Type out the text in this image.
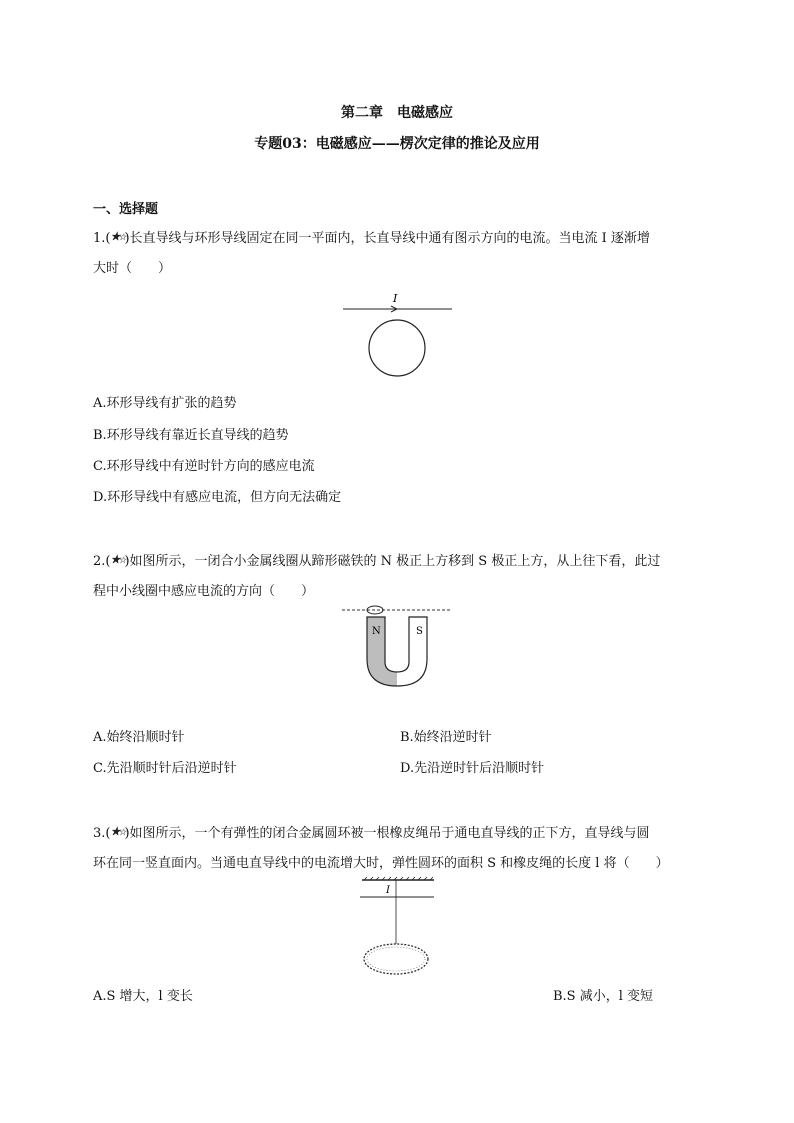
第二章　电磁感应
专题03：电磁感应——楞次定律的推论及应用
一、选择题
1.(★☆)长直导线与环形导线固定在同一平面内，长直导线中通有图示方向的电流。当电流 I 逐渐增
大时（　　）
I
A.环形导线有扩张的趋势
B.环形导线有靠近长直导线的趋势
C.环形导线中有逆时针方向的感应电流
D.环形导线中有感应电流，但方向无法确定
2.(★☆)如图所示，一闭合小金属线圈从蹄形磁铁的 N 极正上方移到 S 极正上方，从上往下看，此过
程中小线圈中感应电流的方向（　　）
N	S
A.始终沿顺时针	B.始终沿逆时针
C.先沿顺时针后沿逆时针	D.先沿逆时针后沿顺时针
3.(★☆)如图所示，一个有弹性的闭合金属圆环被一根橡皮绳吊于通电直导线的正下方，直导线与圆
环在同一竖直面内。当通电直导线中的电流增大时，弹性圆环的面积 S 和橡皮绳的长度 l 将（　　）
I
A.S 增大，l 变长	B.S 减小，l 变短
